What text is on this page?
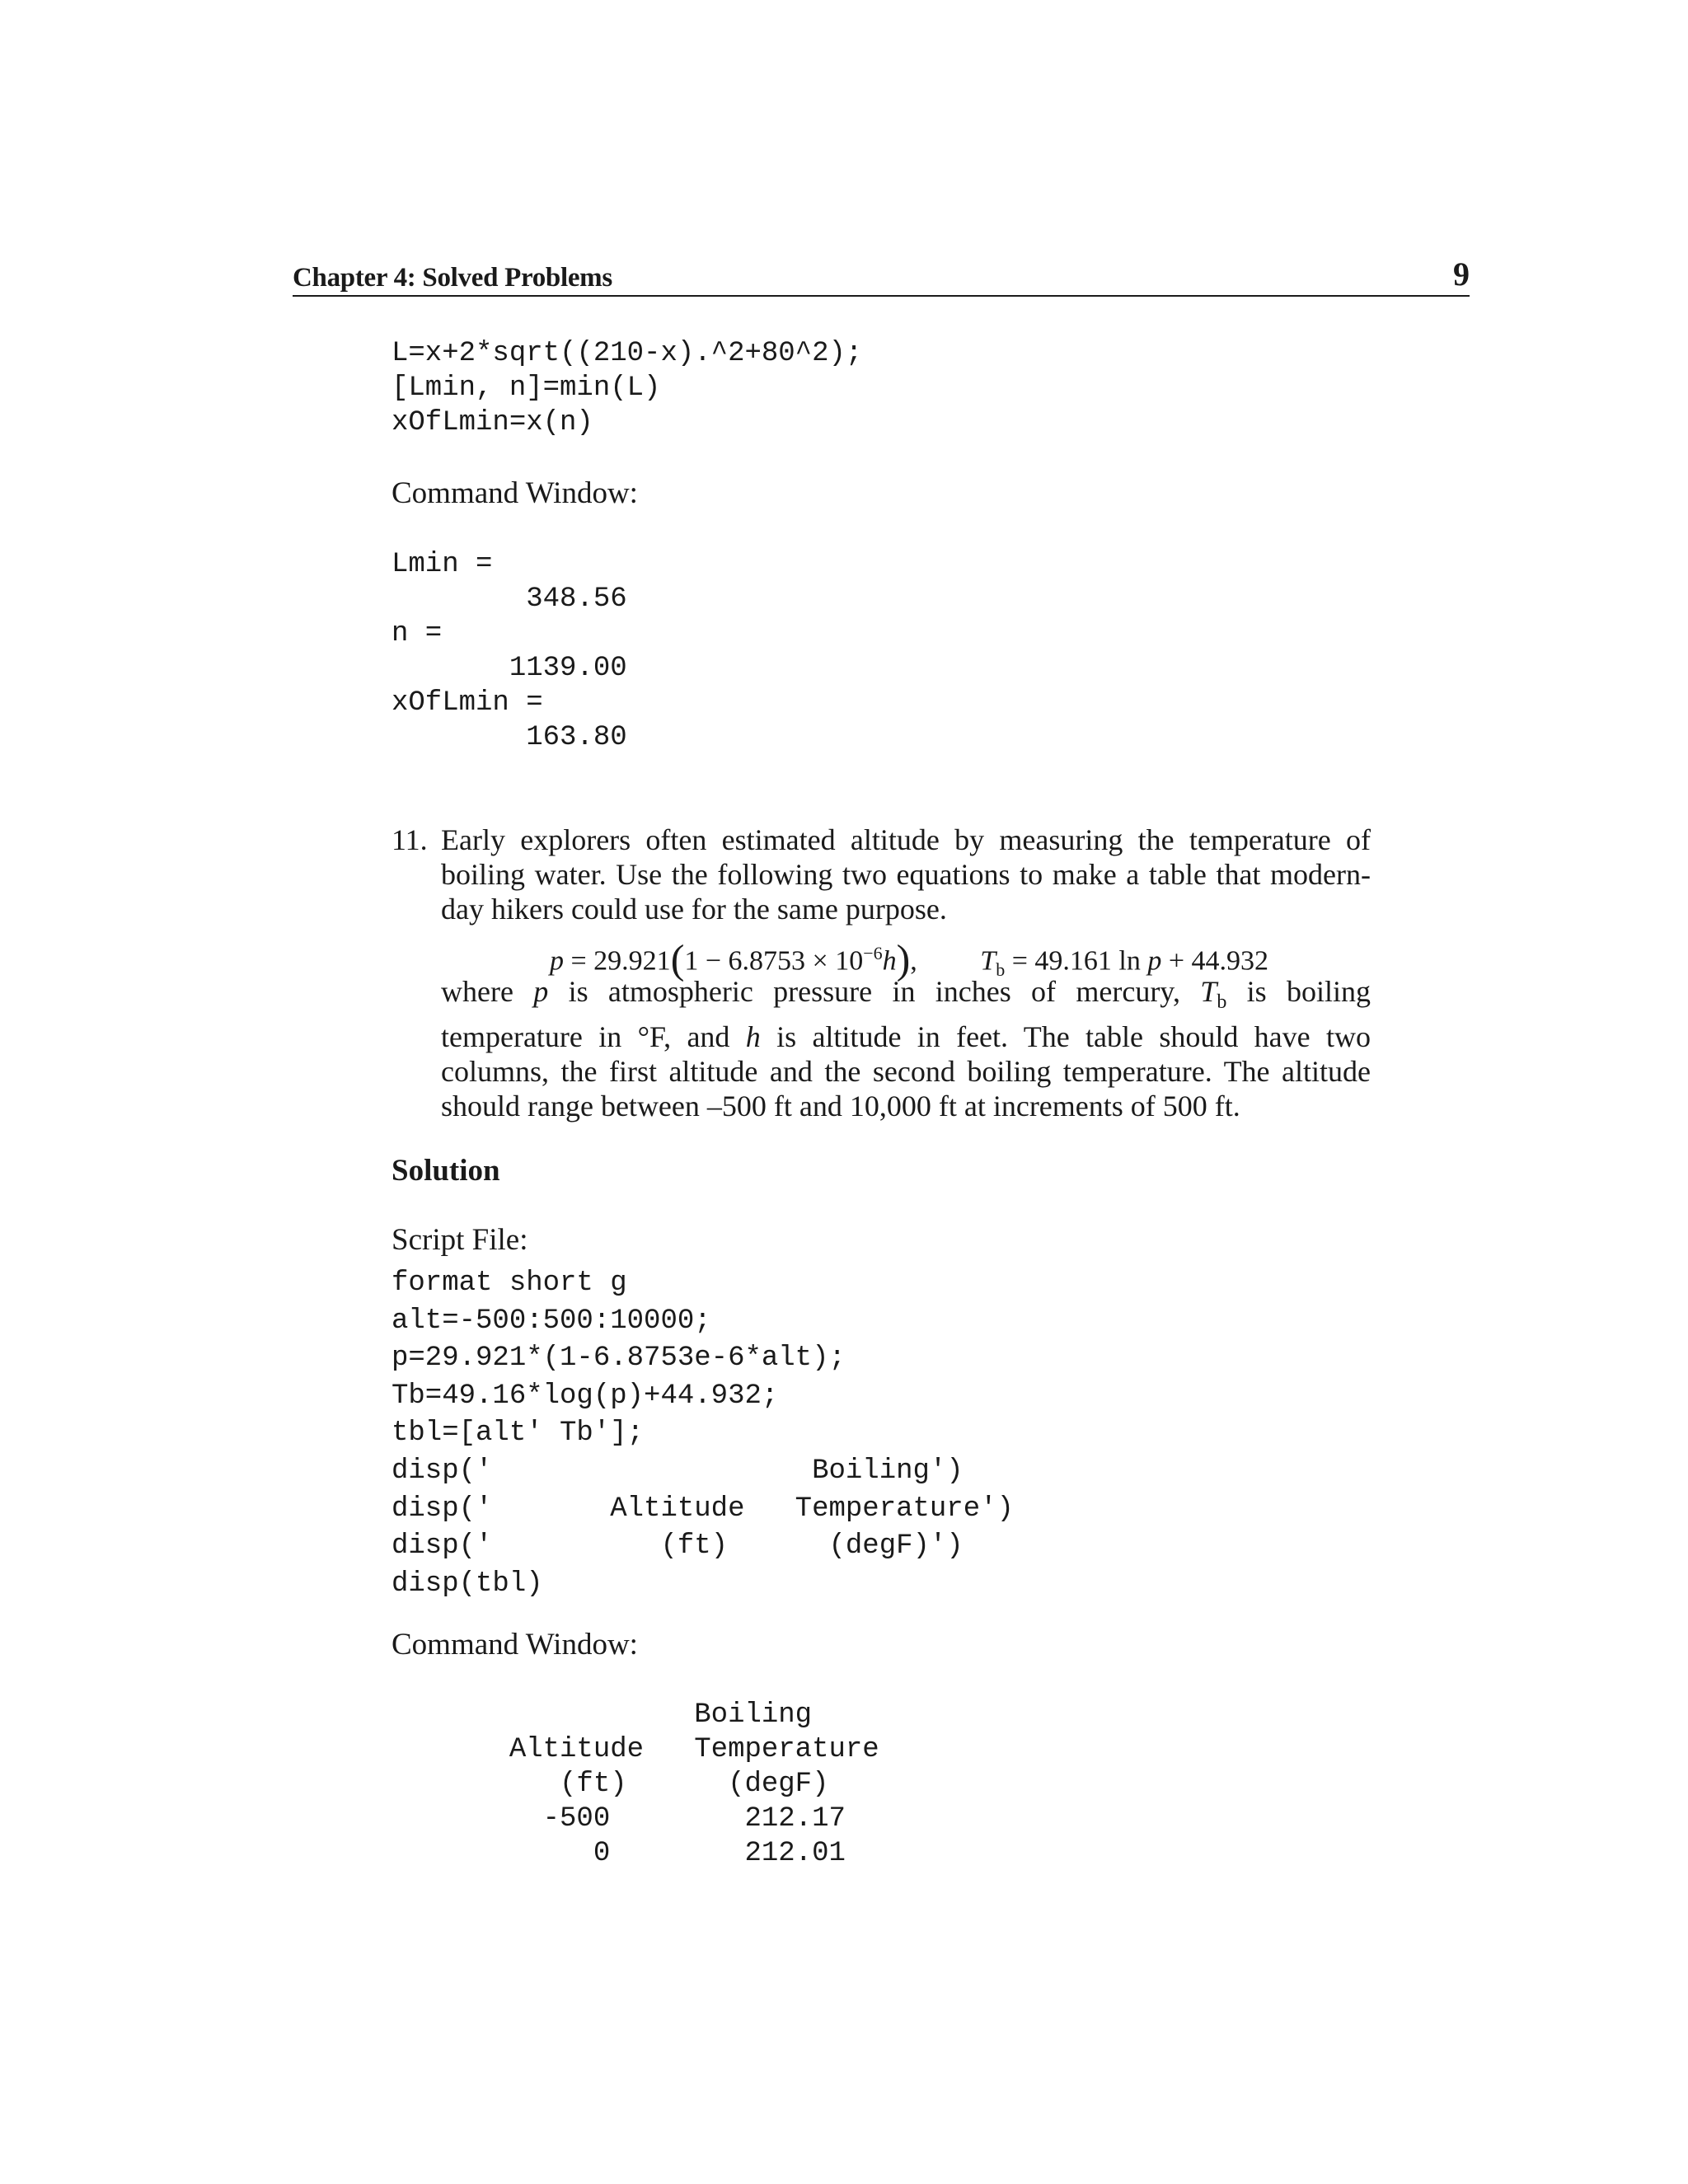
Chapter 4: Solved Problems	9
L=x+2*sqrt((210-x).^2+80^2);
[Lmin, n]=min(L)
xOfLmin=x(n)
Command Window:
Lmin =
348.56
n =
1139.00
xOfLmin =
163.80
11. Early explorers often estimated altitude by measuring the temperature of boiling water. Use the following two equations to make a table that modern-day hikers could use for the same purpose.
$p = 29.921(1 - 6.8753 \times 10^{-6}h)$,         $T_b = 49.161$ ln p + 44.932
where p is atmospheric pressure in inches of mercury, $T_b$ is boiling temperature in °F, and h is altitude in feet. The table should have two columns, the first altitude and the second boiling temperature. The altitude should range between –500 ft and 10,000 ft at increments of 500 ft.
Solution
Script File:
format short g
alt=-500:500:10000;
p=29.921*(1-6.8753e-6*alt);
Tb=49.16*log(p)+44.932;
tbl=[alt' Tb'];
disp('                   Boiling')
disp('       Altitude   Temperature')
disp('          (ft)      (degF)')
disp(tbl)
Command Window:
Boiling
Altitude   Temperature
(ft)      (degF)
-500        212.17
0        212.01
